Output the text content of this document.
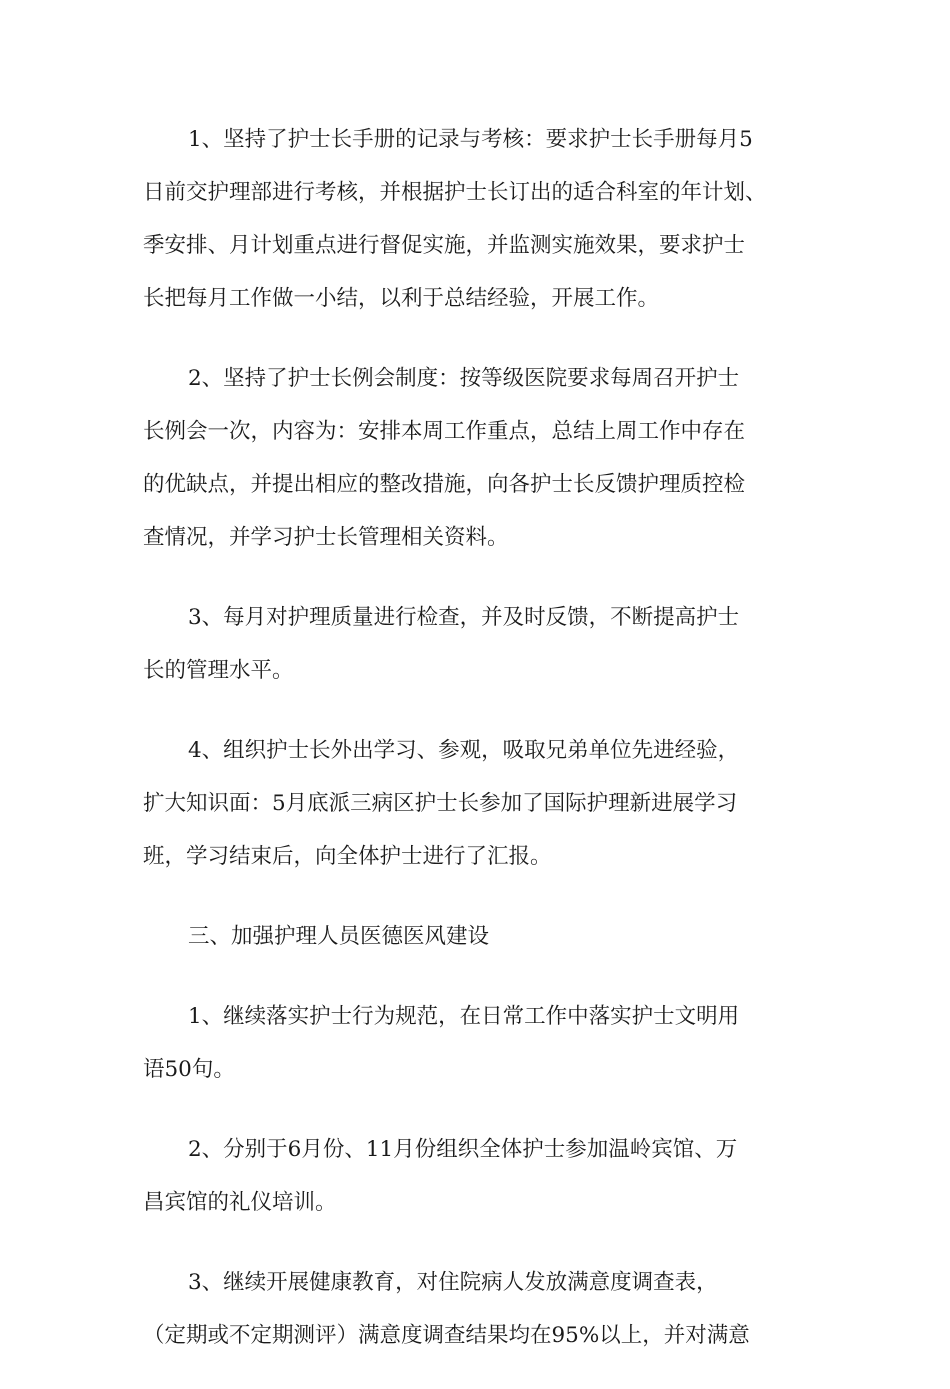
1、坚持了护士长手册的记录与考核：要求护士长手册每月5
日前交护理部进行考核，并根据护士长订出的适合科室的年计划、
季安排、月计划重点进行督促实施，并监测实施效果，要求护士
长把每月工作做一小结，以利于总结经验，开展工作。

2、坚持了护士长例会制度：按等级医院要求每周召开护士
长例会一次，内容为：安排本周工作重点，总结上周工作中存在
的优缺点，并提出相应的整改措施，向各护士长反馈护理质控检
查情况，并学习护士长管理相关资料。

3、每月对护理质量进行检查，并及时反馈，不断提高护士
长的管理水平。

4、组织护士长外出学习、参观，吸取兄弟单位先进经验，
扩大知识面：5月底派三病区护士长参加了国际护理新进展学习
班，学习结束后，向全体护士进行了汇报。

三、加强护理人员医德医风建设

1、继续落实护士行为规范，在日常工作中落实护士文明用
语50句。

2、分别于6月份、11月份组织全体护士参加温岭宾馆、万
昌宾馆的礼仪培训。

3、继续开展健康教育，对住院病人发放满意度调查表，
（定期或不定期测评）满意度调查结果均在95%以上，并对满意
